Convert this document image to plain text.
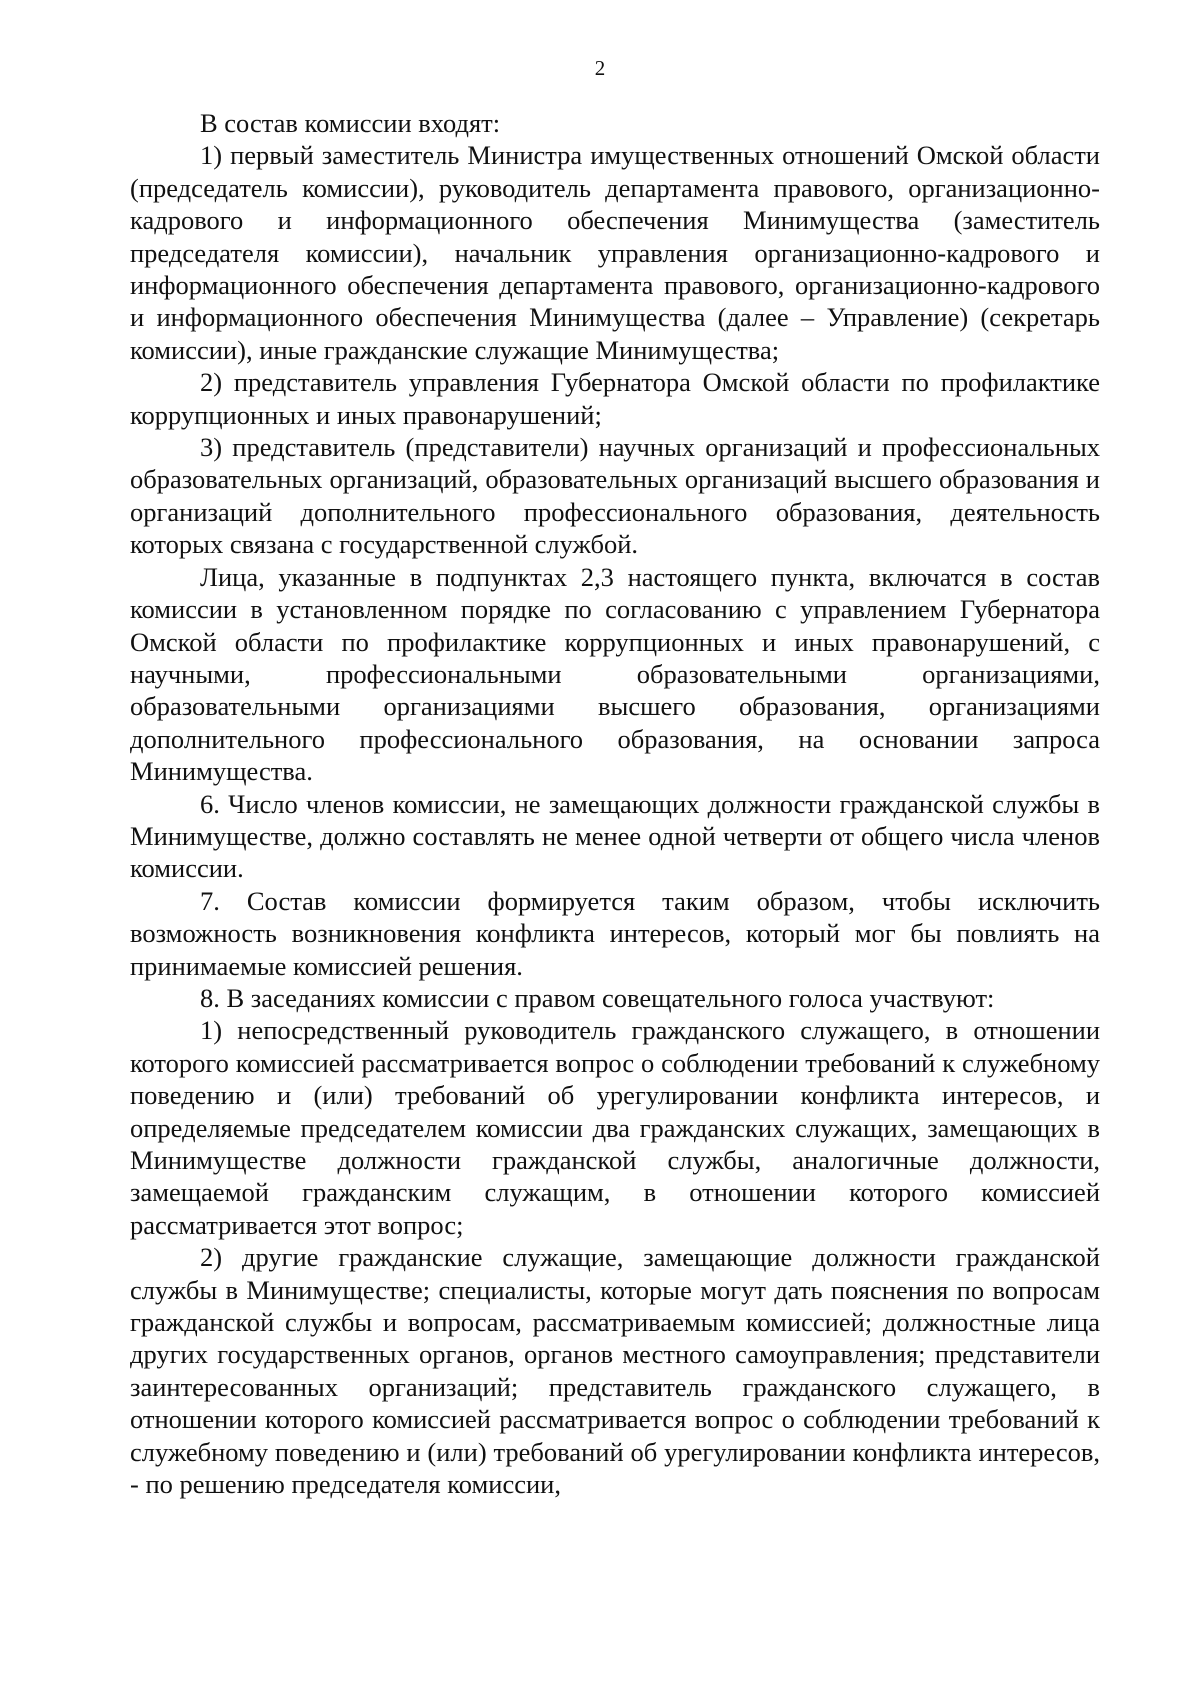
2

В состав комиссии входят:

1) первый заместитель Министра имущественных отношений Омской области (председатель комиссии), руководитель департамента правового, организационно-кадрового и информационного обеспечения Минимущества (заместитель председателя комиссии), начальник управления организационно-кадрового и информационного обеспечения департамента правового, организационно-кадрового и информационного обеспечения Минимущества (далее – Управление) (секретарь комиссии), иные гражданские служащие Минимущества;

2) представитель управления Губернатора Омской области по профилактике коррупционных и иных правонарушений;

3) представитель (представители) научных организаций и профессиональных образовательных организаций, образовательных организаций высшего образования и организаций дополнительного профессионального образования, деятельность которых связана с государственной службой.

Лица, указанные в подпунктах 2,3 настоящего пункта, включатся в состав комиссии в установленном порядке по согласованию с управлением Губернатора Омской области по профилактике коррупционных и иных правонарушений, с научными, профессиональными образовательными организациями, образовательными организациями высшего образования, организациями дополнительного профессионального образования, на основании запроса Минимущества.

6. Число членов комиссии, не замещающих должности гражданской службы в Минимуществе, должно составлять не менее одной четверти от общего числа членов комиссии.

7. Состав комиссии формируется таким образом, чтобы исключить возможность возникновения конфликта интересов, который мог бы повлиять на принимаемые комиссией решения.

8. В заседаниях комиссии с правом совещательного голоса участвуют:

1) непосредственный руководитель гражданского служащего, в отношении которого комиссией рассматривается вопрос о соблюдении требований к служебному поведению и (или) требований об урегулировании конфликта интересов, и определяемые председателем комиссии два гражданских служащих, замещающих в Минимуществе должности гражданской службы, аналогичные должности, замещаемой гражданским служащим, в отношении которого комиссией рассматривается этот вопрос;

2) другие гражданские служащие, замещающие должности гражданской службы в Минимуществе; специалисты, которые могут дать пояснения по вопросам гражданской службы и вопросам, рассматриваемым комиссией; должностные лица других государственных органов, органов местного самоуправления; представители заинтересованных организаций; представитель гражданского служащего, в отношении которого комиссией рассматривается вопрос о соблюдении требований к служебному поведению и (или) требований об урегулировании конфликта интересов, - по решению председателя комиссии,
